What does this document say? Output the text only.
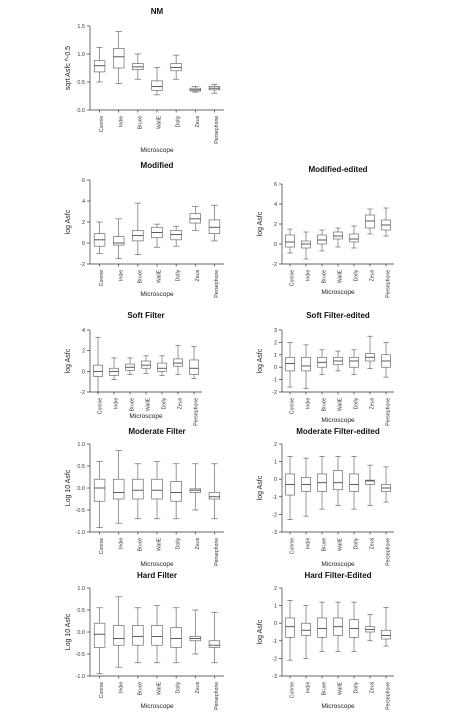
NM
sqrt Asfc ^-0.5
0.0
0.5
1.0
1.5
Connie	Indie	Bruce	WallE	Dolly	Zeus	Persephone
Microscope
Modified
log Asfc
-2
0
2
4
6
Connie	Indie	Bruce	WallE	Dolly	Zeus	Persephone
Microscope
Modified-edited
log Asfc
-2
0
2
4
6
Connie Indie Bruce WallE Dolly Zeus Persephone
Microscope
Soft Filter
log Asfc
-2
0
2
4
Connie Indie Bruce WallE Dolly Zeus Persephone
Microscope
Soft Filter-edited
log Asfc
-2
-1
0
1
2
3
Connie Indie Bruce WallE Dolly Zeus Persephone
Microscope
Moderate Filter
Log 10 Asfc
-1.0
-0.5
0.0
0.5
1.0
Connie	Indie	Bruce	WallE	Dolly	Zeus	Persephone
Microscope
Moderate Filter-edited
log Asfc
-3
-2
-1
0
1
2
Connie Indie Bruce WallE Dolly Zeus Persephone
Microscope
Hard Filter
Log 10 Asfc
-1.0
-0.5
0.0
0.5
1.0
Connie	Indie	Bruce	WallE	Dolly	Zeus	Persephone
Microscope
Hard Filter-Edited
log Asfc
-3
-2
-1
0
1
2
Connie Indie Bruce WallE Dolly Zeus Persephone
Microscope
